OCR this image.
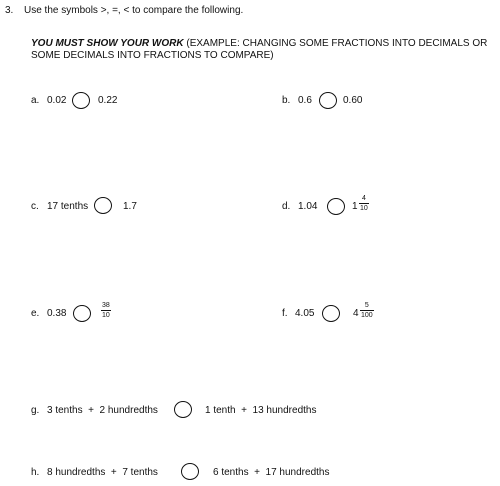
3. Use the symbols >, =, < to compare the following.
YOU MUST SHOW YOUR WORK (EXAMPLE: CHANGING SOME FRACTIONS INTO DECIMALS OR
SOME DECIMALS INTO FRACTIONS TO COMPARE)
a. 0.02	0.22	b. 0.6	0.60
c. 17 tenths	1.7	d. 1.04	$1 \frac{4}{10}$
e. 0.38	$\frac{38}{10}$	f. 4.05	$4 \frac{5}{100}$
g. 3 tenths  +  2 hundredths	1 tenth  +  13 hundredths
h. 8 hundredths  +  7 tenths	6 tenths  +  17 hundredths
